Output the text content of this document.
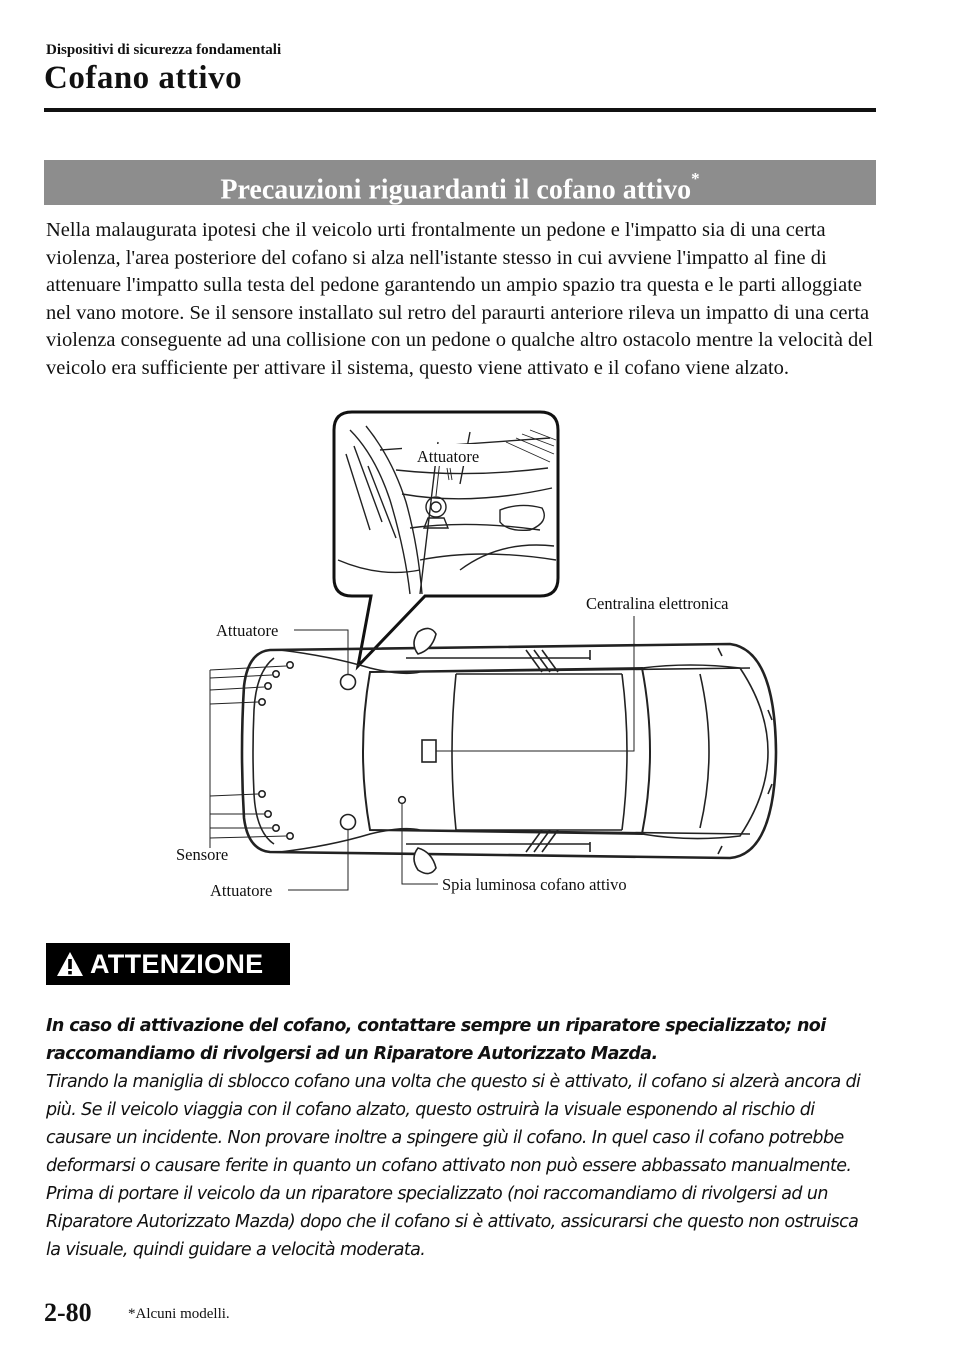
Dispositivi di sicurezza fondamentali
Cofano attivo
Precauzioni riguardanti il cofano attivo*

Nella malaugurata ipotesi che il veicolo urti frontalmente un pedone e l'impatto sia di una certa violenza, l'area posteriore del cofano si alza nell'istante stesso in cui avviene l'impatto al fine di attenuare l'impatto sulla testa del pedone garantendo un ampio spazio tra questa e le parti alloggiate nel vano motore. Se il sensore installato sul retro del paraurti anteriore rileva un impatto di una certa violenza conseguente ad una collisione con un pedone o qualche altro ostacolo mentre la velocità del veicolo era sufficiente per attivare il sistema, questo viene attivato e il cofano viene alzato.

Attuatore
Centralina elettronica
Attuatore
Sensore
Attuatore	Spia luminosa cofano attivo
ATTENZIONE

In caso di attivazione del cofano, contattare sempre un riparatore specializzato; noi raccomandiamo di rivolgersi ad un Riparatore Autorizzato Mazda.

Tirando la maniglia di sblocco cofano una volta che questo si è attivato, il cofano si alzerà ancora di più. Se il veicolo viaggia con il cofano alzato, questo ostruirà la visuale esponendo al rischio di causare un incidente. Non provare inoltre a spingere giù il cofano. In quel caso il cofano potrebbe deformarsi o causare ferite in quanto un cofano attivato non può essere abbassato manualmente. Prima di portare il veicolo da un riparatore specializzato (noi raccomandiamo di rivolgersi ad un Riparatore Autorizzato Mazda) dopo che il cofano si è attivato, assicurarsi che questo non ostruisca la visuale, quindi guidare a velocità moderata.

2-80 *Alcuni modelli.
